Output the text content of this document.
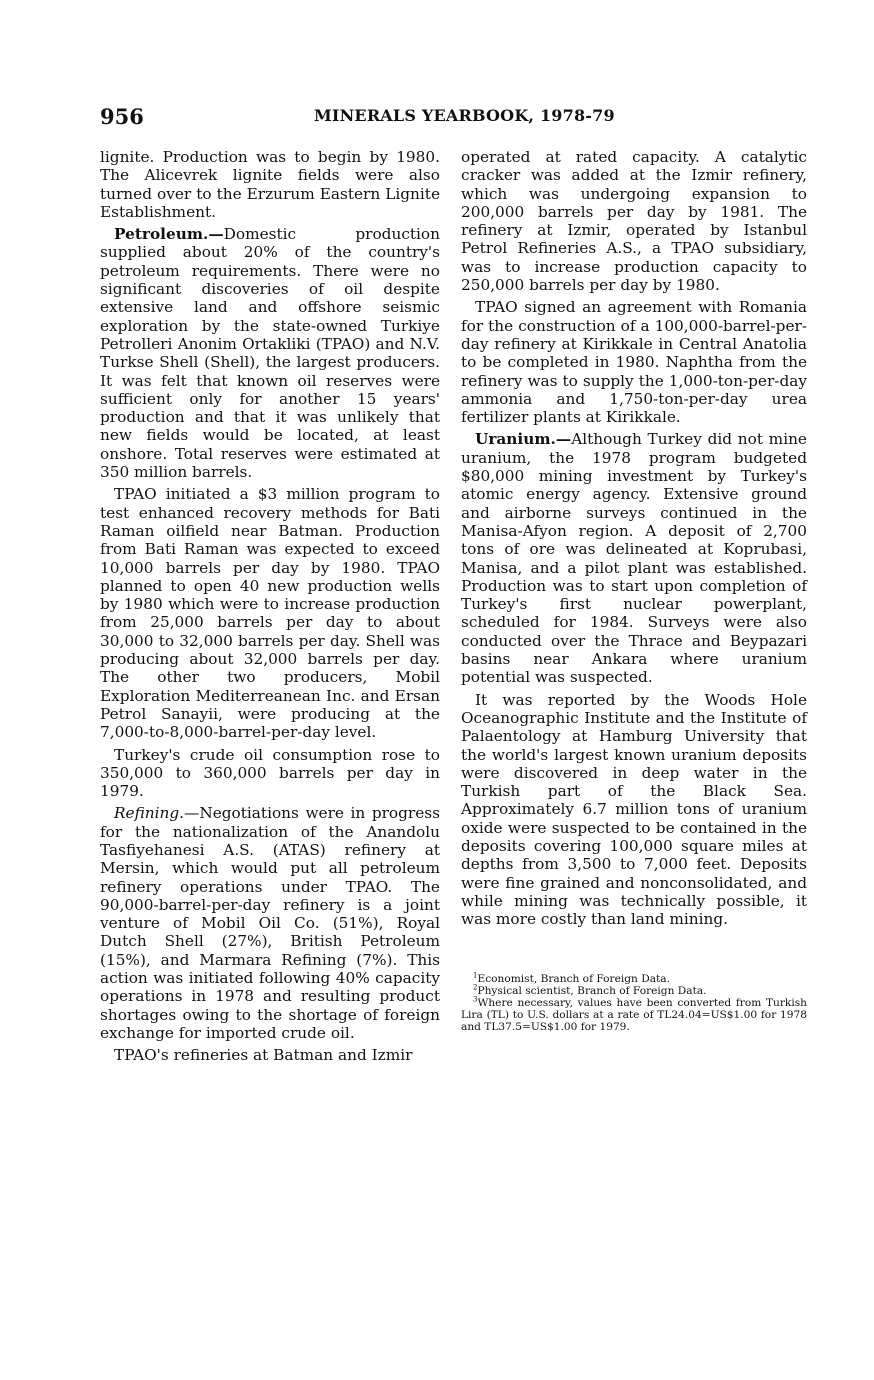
956	MINERALS YEARBOOK, 1978-79

lignite. Production was to begin by 1980. The Alicevrek lignite fields were also turned over to the Erzurum Eastern Lignite Establishment.

Petroleum.—Domestic production supplied about 20% of the country's petroleum requirements. There were no significant discoveries of oil despite extensive land and offshore seismic exploration by the state-owned Turkiye Petrolleri Anonim Ortakliki (TPAO) and N.V. Turkse Shell (Shell), the largest producers. It was felt that known oil reserves were sufficient only for another 15 years' production and that it was unlikely that new fields would be located, at least onshore. Total reserves were estimated at 350 million barrels.

TPAO initiated a $3 million program to test enhanced recovery methods for Bati Raman oilfield near Batman. Production from Bati Raman was expected to exceed 10,000 barrels per day by 1980. TPAO planned to open 40 new production wells by 1980 which were to increase production from 25,000 barrels per day to about 30,000 to 32,000 barrels per day. Shell was producing about 32,000 barrels per day. The other two producers, Mobil Exploration Mediterreanean Inc. and Ersan Petrol Sanayii, were producing at the 7,000-to-8,000-barrel-per-day level.

Turkey's crude oil consumption rose to 350,000 to 360,000 barrels per day in 1979.

Refining.—Negotiations were in progress for the nationalization of the Anandolu Tasfiyehanesi A.S. (ATAS) refinery at Mersin, which would put all petroleum refinery operations under TPAO. The 90,000-barrel-per-day refinery is a joint venture of Mobil Oil Co. (51%), Royal Dutch Shell (27%), British Petroleum (15%), and Marmara Refining (7%). This action was initiated following 40% capacity operations in 1978 and resulting product shortages owing to the shortage of foreign exchange for imported crude oil.

TPAO's refineries at Batman and Izmir

operated at rated capacity. A catalytic cracker was added at the Izmir refinery, which was undergoing expansion to 200,000 barrels per day by 1981. The refinery at Izmir, operated by Istanbul Petrol Refineries A.S., a TPAO subsidiary, was to increase production capacity to 250,000 barrels per day by 1980.

TPAO signed an agreement with Romania for the construction of a 100,000-barrel-per-day refinery at Kirikkale in Central Anatolia to be completed in 1980. Naphtha from the refinery was to supply the 1,000-ton-per-day ammonia and 1,750-ton-per-day urea fertilizer plants at Kirikkale.

Uranium.—Although Turkey did not mine uranium, the 1978 program budgeted $80,000 mining investment by Turkey's atomic energy agency. Extensive ground and airborne surveys continued in the Manisa-Afyon region. A deposit of 2,700 tons of ore was delineated at Koprubasi, Manisa, and a pilot plant was established. Production was to start upon completion of Turkey's first nuclear powerplant, scheduled for 1984. Surveys were also conducted over the Thrace and Beypazari basins near Ankara where uranium potential was suspected.

It was reported by the Woods Hole Oceanographic Institute and the Institute of Palaentology at Hamburg University that the world's largest known uranium deposits were discovered in deep water in the Turkish part of the Black Sea. Approximately 6.7 million tons of uranium oxide were suspected to be contained in the deposits covering 100,000 square miles at depths from 3,500 to 7,000 feet. Deposits were fine grained and nonconsolidated, and while mining was technically possible, it was more costly than land mining.

$^1$Economist, Branch of Foreign Data.

$^2$Physical scientist, Branch of Foreign Data.

$^3$Where necessary, values have been converted from Turkish Lira (TL) to U.S. dollars at a rate of TL24.04=US$1.00 for 1978 and TL37.5=US$1.00 for 1979.
